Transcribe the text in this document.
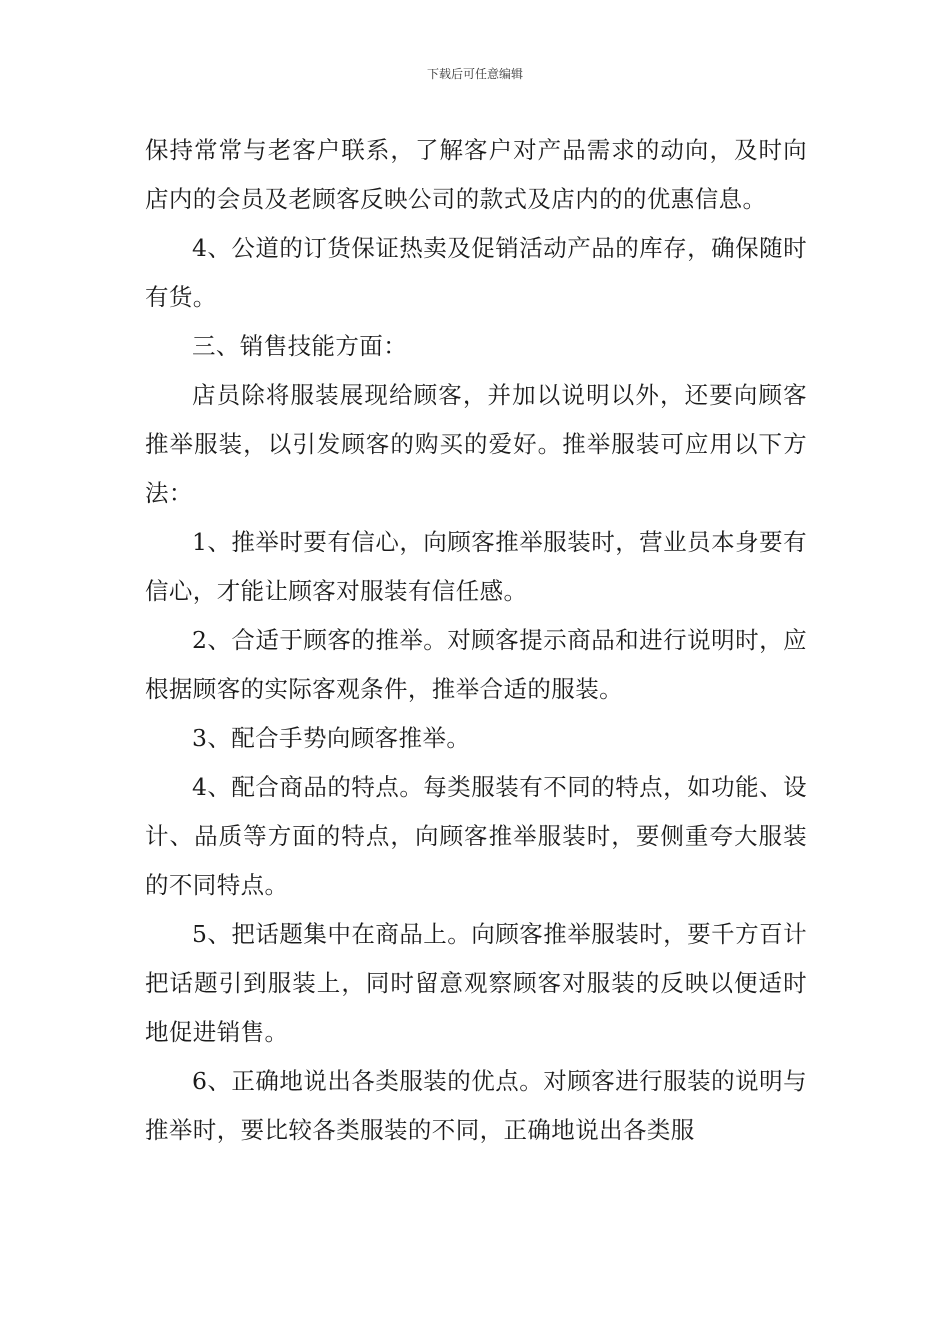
下载后可任意编辑

保持常常与老客户联系，了解客户对产品需求的动向，及时向店内的会员及老顾客反映公司的款式及店内的的优惠信息。

4、公道的订货保证热卖及促销活动产品的库存，确保随时有货。

三、销售技能方面：

店员除将服装展现给顾客，并加以说明以外，还要向顾客推举服装，以引发顾客的购买的爱好。推举服装可应用以下方法：

1、推举时要有信心，向顾客推举服装时，营业员本身要有信心，才能让顾客对服装有信任感。

2、合适于顾客的推举。对顾客提示商品和进行说明时，应根据顾客的实际客观条件，推举合适的服装。

3、配合手势向顾客推举。

4、配合商品的特点。每类服装有不同的特点，如功能、设计、品质等方面的特点，向顾客推举服装时，要侧重夸大服装的不同特点。

5、把话题集中在商品上。向顾客推举服装时，要千方百计把话题引到服装上，同时留意观察顾客对服装的反映以便适时地促进销售。

6、正确地说出各类服装的优点。对顾客进行服装的说明与推举时，要比较各类服装的不同，正确地说出各类服
